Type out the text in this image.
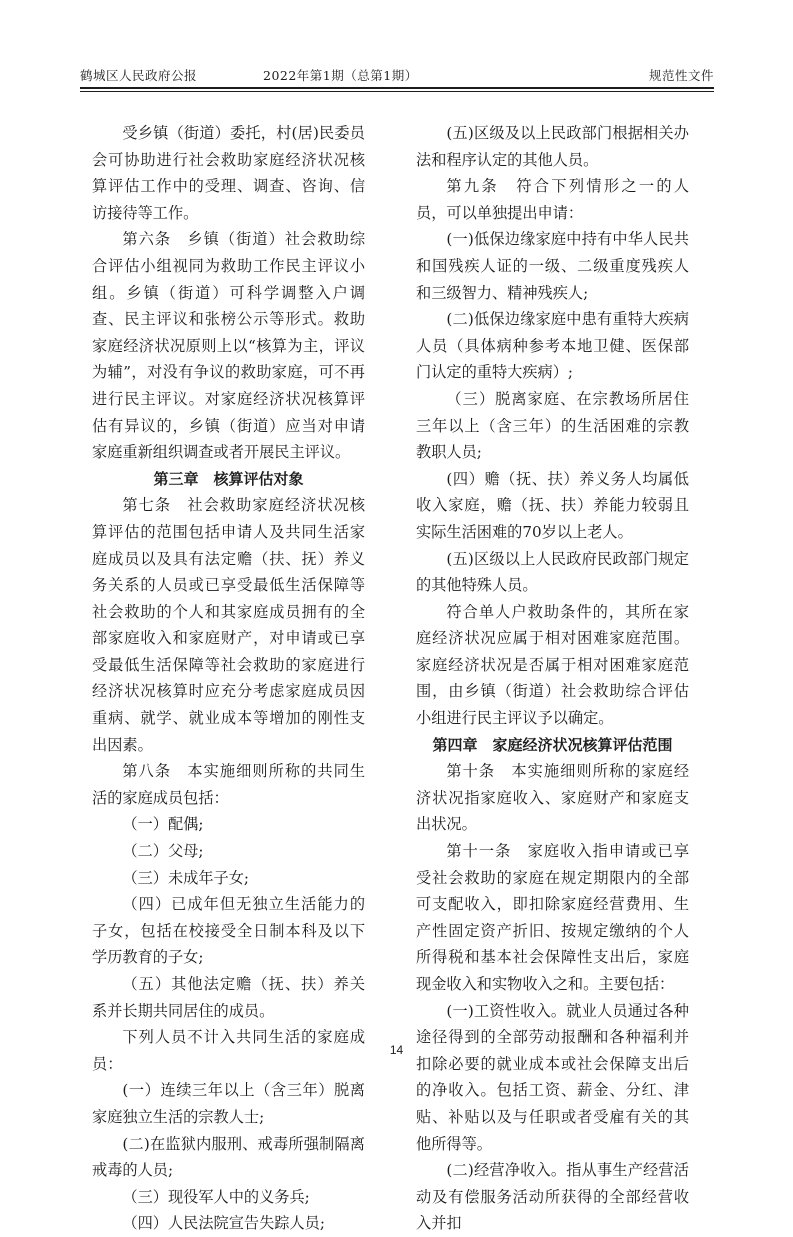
鹤城区人民政府公报	2022年第1期（总第1期）	规范性文件

受乡镇（街道）委托，村(居)民委员会可协助进行社会救助家庭经济状况核算评估工作中的受理、调查、咨询、信访接待等工作。

第六条　乡镇（街道）社会救助综合评估小组视同为救助工作民主评议小组。乡镇（街道）可科学调整入户调查、民主评议和张榜公示等形式。救助家庭经济状况原则上以“核算为主，评议为辅”，对没有争议的救助家庭，可不再进行民主评议。对家庭经济状况核算评估有异议的，乡镇（街道）应当对申请家庭重新组织调查或者开展民主评议。

第三章　核算评估对象

第七条　社会救助家庭经济状况核算评估的范围包括申请人及共同生活家庭成员以及具有法定赡（扶、抚）养义务关系的人员或已享受最低生活保障等社会救助的个人和其家庭成员拥有的全部家庭收入和家庭财产，对申请或已享受最低生活保障等社会救助的家庭进行经济状况核算时应充分考虑家庭成员因重病、就学、就业成本等增加的刚性支出因素。

第八条　本实施细则所称的共同生活的家庭成员包括：

（一）配偶;

（二）父母;

（三）未成年子女;

（四）已成年但无独立生活能力的子女，包括在校接受全日制本科及以下学历教育的子女;

（五）其他法定赡（抚、扶）养关系并长期共同居住的成员。

下列人员不计入共同生活的家庭成员：

(一）连续三年以上（含三年）脱离家庭独立生活的宗教人士;

(二)在监狱内服刑、戒毒所强制隔离戒毒的人员;

（三）现役军人中的义务兵;

（四）人民法院宣告失踪人员;

(五)区级及以上民政部门根据相关办法和程序认定的其他人员。

第九条　符合下列情形之一的人员，可以单独提出申请：

(一)低保边缘家庭中持有中华人民共和国残疾人证的一级、二级重度残疾人和三级智力、精神残疾人;

(二)低保边缘家庭中患有重特大疾病人员（具体病种参考本地卫健、医保部门认定的重特大疾病）;

（三）脱离家庭、在宗教场所居住三年以上（含三年）的生活困难的宗教教职人员;

(四）赡（抚、扶）养义务人均属低收入家庭，赡（抚、扶）养能力较弱且实际生活困难的70岁以上老人。

(五)区级以上人民政府民政部门规定的其他特殊人员。

符合单人户救助条件的，其所在家庭经济状况应属于相对困难家庭范围。家庭经济状况是否属于相对困难家庭范围，由乡镇（街道）社会救助综合评估小组进行民主评议予以确定。

第四章　家庭经济状况核算评估范围

第十条　本实施细则所称的家庭经济状况指家庭收入、家庭财产和家庭支出状况。

第十一条　家庭收入指申请或已享受社会救助的家庭在规定期限内的全部可支配收入，即扣除家庭经营费用、生产性固定资产折旧、按规定缴纳的个人所得税和基本社会保障性支出后，家庭现金收入和实物收入之和。主要包括：

(一)工资性收入。就业人员通过各种途径得到的全部劳动报酬和各种福利并扣除必要的就业成本或社会保障支出后的净收入。包括工资、薪金、分红、津贴、补贴以及与任职或者受雇有关的其他所得等。

(二)经营净收入。指从事生产经营活动及有偿服务活动所获得的全部经营收入并扣

14
